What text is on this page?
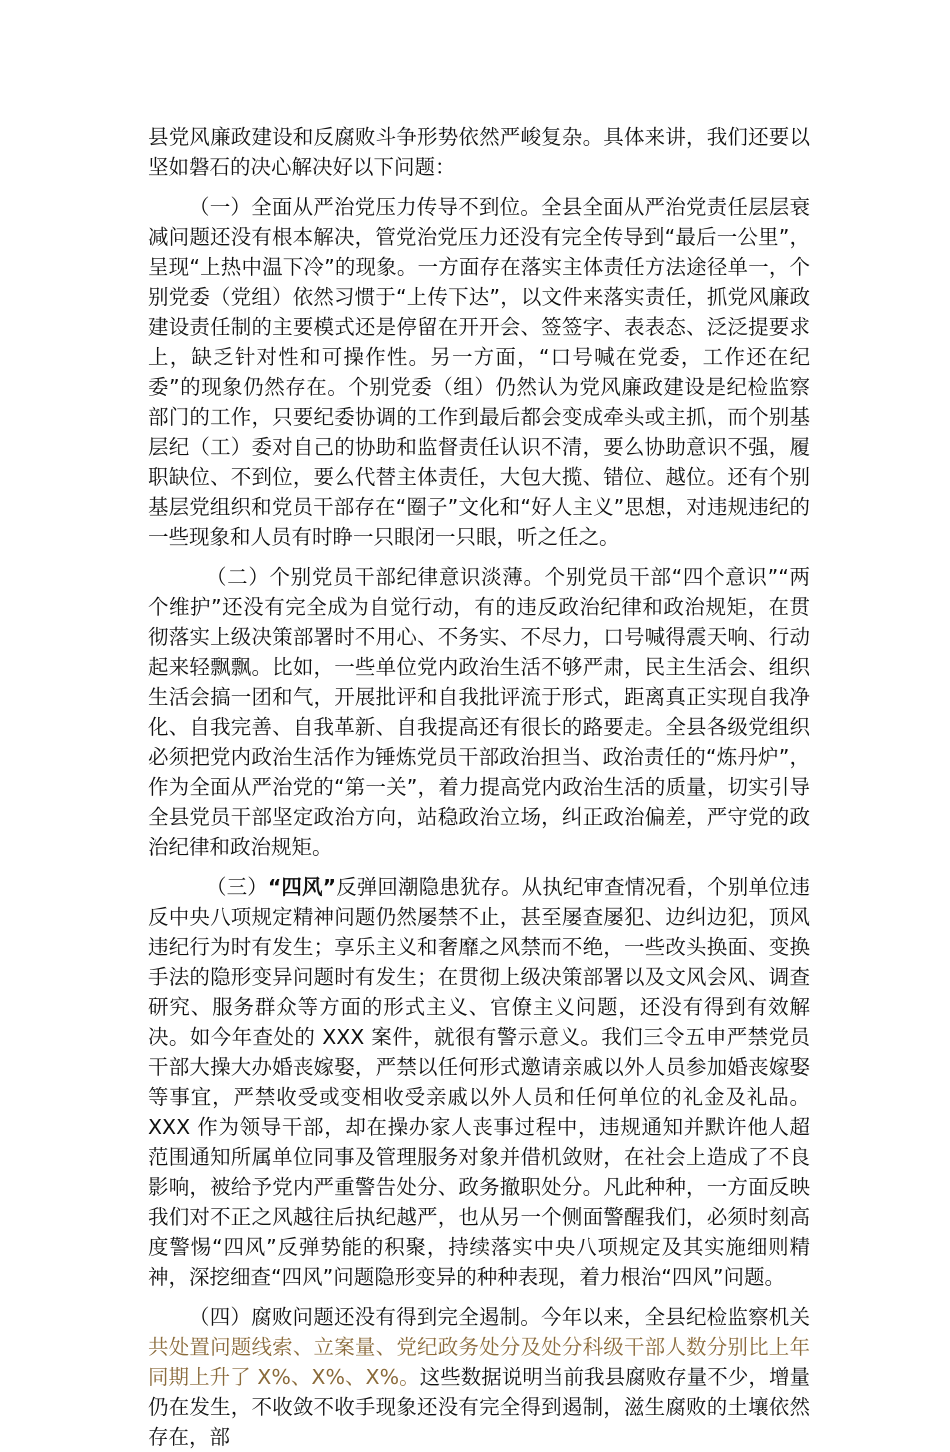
县党风廉政建设和反腐败斗争形势依然严峻复杂。具体来讲，我们还要以坚如磐石的决心解决好以下问题：

（一）全面从严治党压力传导不到位。全县全面从严治党责任层层衰减问题还没有根本解决，管党治党压力还没有完全传导到“最后一公里”，呈现“上热中温下冷”的现象。一方面存在落实主体责任方法途径单一，个别党委（党组）依然习惯于“上传下达”，以文件来落实责任，抓党风廉政建设责任制的主要模式还是停留在开开会、签签字、表表态、泛泛提要求上，缺乏针对性和可操作性。另一方面，“口号喊在党委，工作还在纪委”的现象仍然存在。个别党委（组）仍然认为党风廉政建设是纪检监察部门的工作，只要纪委协调的工作到最后都会变成牵头或主抓，而个别基层纪（工）委对自己的协助和监督责任认识不清，要么协助意识不强，履职缺位、不到位，要么代替主体责任，大包大揽、错位、越位。还有个别基层党组织和党员干部存在“圈子”文化和“好人主义”思想，对违规违纪的一些现象和人员有时睁一只眼闭一只眼，听之任之。

（二）个别党员干部纪律意识淡薄。个别党员干部“四个意识”“两个维护”还没有完全成为自觉行动，有的违反政治纪律和政治规矩，在贯彻落实上级决策部署时不用心、不务实、不尽力，口号喊得震天响、行动起来轻飘飘。比如，一些单位党内政治生活不够严肃，民主生活会、组织生活会搞一团和气，开展批评和自我批评流于形式，距离真正实现自我净化、自我完善、自我革新、自我提高还有很长的路要走。全县各级党组织必须把党内政治生活作为锤炼党员干部政治担当、政治责任的“炼丹炉”，作为全面从严治党的“第一关”，着力提高党内政治生活的质量，切实引导全县党员干部坚定政治方向，站稳政治立场，纠正政治偏差，严守党的政治纪律和政治规矩。

（三）“四风”反弹回潮隐患犹存。从执纪审查情况看，个别单位违反中央八项规定精神问题仍然屡禁不止，甚至屡查屡犯、边纠边犯，顶风违纪行为时有发生；享乐主义和奢靡之风禁而不绝，一些改头换面、变换手法的隐形变异问题时有发生；在贯彻上级决策部署以及文风会风、调查研究、服务群众等方面的形式主义、官僚主义问题，还没有得到有效解决。如今年查处的 XXX 案件，就很有警示意义。我们三令五申严禁党员干部大操大办婚丧嫁娶，严禁以任何形式邀请亲戚以外人员参加婚丧嫁娶等事宜，严禁收受或变相收受亲戚以外人员和任何单位的礼金及礼品。XXX 作为领导干部，却在操办家人丧事过程中，违规通知并默许他人超范围通知所属单位同事及管理服务对象并借机敛财，在社会上造成了不良影响，被给予党内严重警告处分、政务撤职处分。凡此种种，一方面反映我们对不正之风越往后执纪越严，也从另一个侧面警醒我们，必须时刻高度警惕“四风”反弹势能的积聚，持续落实中央八项规定及其实施细则精神，深挖细查“四风”问题隐形变异的种种表现，着力根治“四风”问题。

（四）腐败问题还没有得到完全遏制。今年以来，全县纪检监察机关共处置问题线索、立案量、党纪政务处分及处分科级干部人数分别比上年同期上升了 X%、X%、X%。这些数据说明当前我县腐败存量不少，增量仍在发生，不收敛不收手现象还没有完全得到遏制，滋生腐败的土壤依然存在，部
